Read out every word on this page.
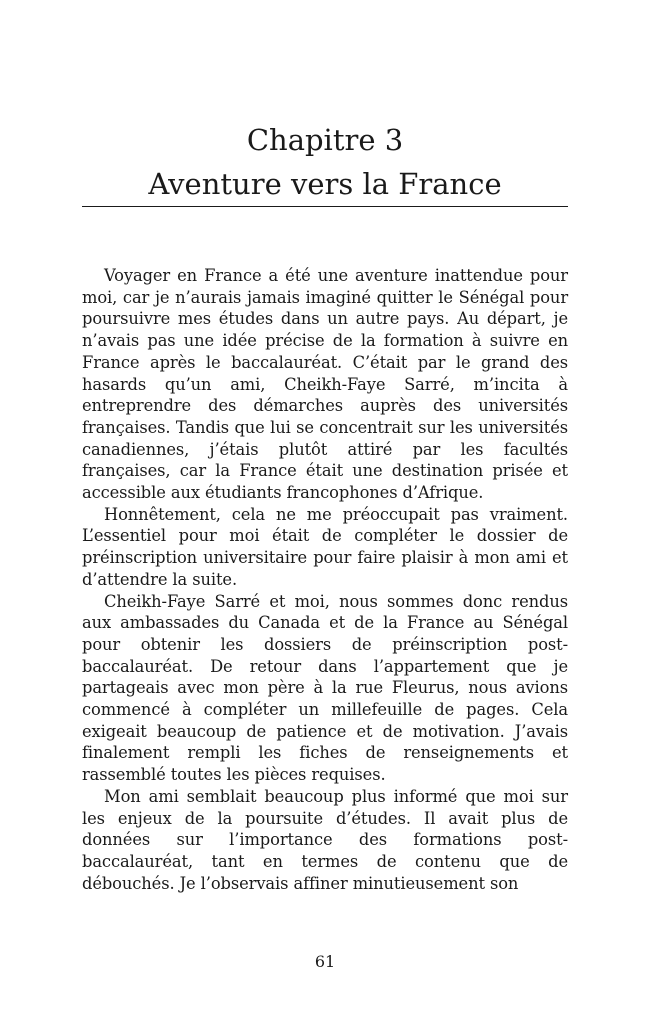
Chapitre 3
Aventure vers la France

Voyager en France a été une aventure inattendue pour moi, car je n’aurais jamais imaginé quitter le Sénégal pour poursuivre mes études dans un autre pays. Au départ, je n’avais pas une idée précise de la formation à suivre en France après le baccalauréat. C’était par le grand des hasards qu’un ami, Cheikh-Faye Sarré, m’incita à entreprendre des démarches auprès des universités françaises. Tandis que lui se concentrait sur les universités canadiennes, j’étais plutôt attiré par les facultés françaises, car la France était une destination prisée et accessible aux étudiants francophones d’Afrique.

Honnêtement, cela ne me préoccupait pas vraiment. L’essentiel pour moi était de compléter le dossier de préinscription universitaire pour faire plaisir à mon ami et d’attendre la suite.

Cheikh-Faye Sarré et moi, nous sommes donc rendus aux ambassades du Canada et de la France au Sénégal pour obtenir les dossiers de préinscription post-baccalauréat. De retour dans l’appartement que je partageais avec mon père à la rue Fleurus, nous avions commencé à compléter un millefeuille de pages. Cela exigeait beaucoup de patience et de motivation. J’avais finalement rempli les fiches de renseignements et rassemblé toutes les pièces requises.

Mon ami semblait beaucoup plus informé que moi sur les enjeux de la poursuite d’études. Il avait plus de données sur l’importance des formations post-baccalauréat, tant en termes de contenu que de débouchés. Je l’observais affiner minutieusement son

61
